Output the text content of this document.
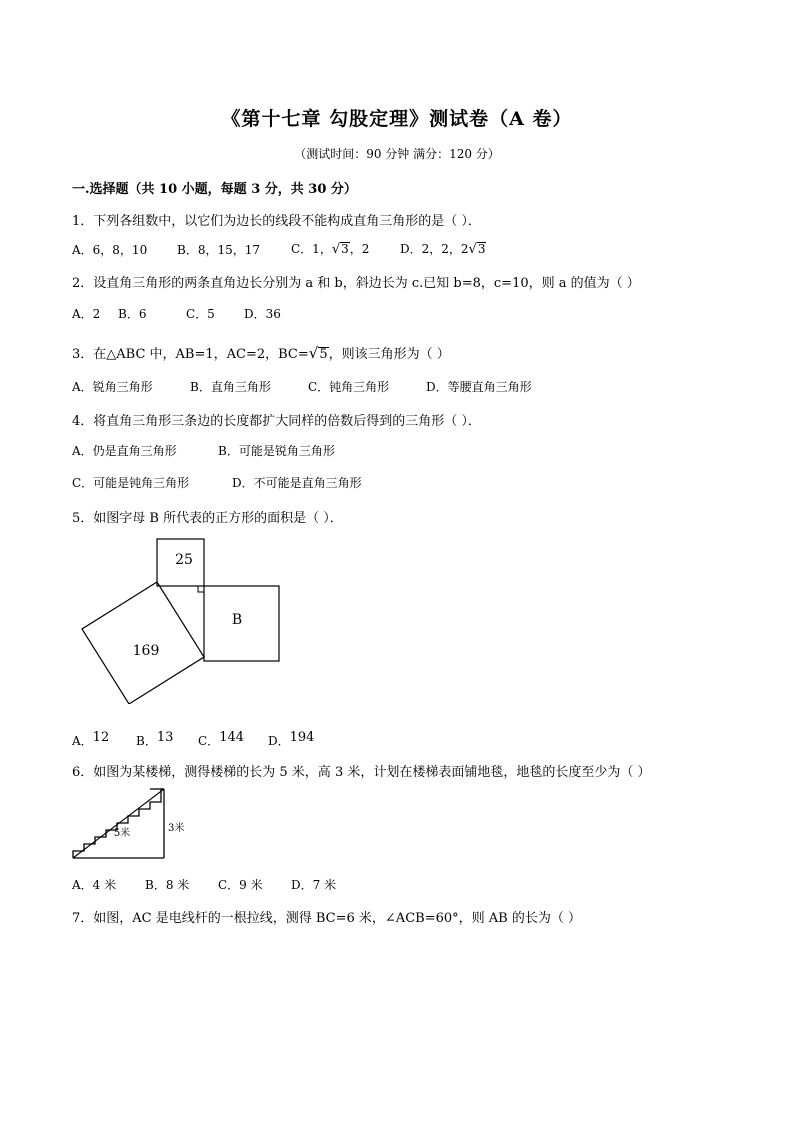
《第十七章 勾股定理》测试卷（A 卷）
（测试时间：90 分钟 满分：120 分）
一.选择题（共 10 小题，每题 3 分，共 30 分）
1．下列各组数中，以它们为边长的线段不能构成直角三角形的是（ ）．
A．6，8，10 B．8，15，17	C．1，√3，2	D．2，2，2√3
2．设直角三角形的两条直角边长分别为 a 和 b，斜边长为 c.已知 b=8，c=10，则 a 的值为（ ）
A．2 B．6	C．5 D．36
3．在△ABC 中，AB=1，AC=2，BC=√5，则该三角形为（ ）
A．锐角三角形	B．直角三角形	C．钝角三角形	D．等腰直角三角形
4．将直角三角形三条边的长度都扩大同样的倍数后得到的三角形（ ）．
A．仍是直角三角形	B．可能是锐角三角形
C．可能是钝角三角形	D．不可能是直角三角形
5．如图字母 B 所代表的正方形的面积是（ ）．
25
B
169
A．12 B．13 C．144 D．194
6．如图为某楼梯，测得楼梯的长为 5 米，高 3 米，计划在楼梯表面铺地毯，地毯的长度至少为（ ）
5米	3米
A．4 米 B．8 米 C．9 米 D．7 米
7．如图，AC 是电线杆的一根拉线，测得 BC=6 米，∠ACB=60°，则 AB 的长为（ ）
